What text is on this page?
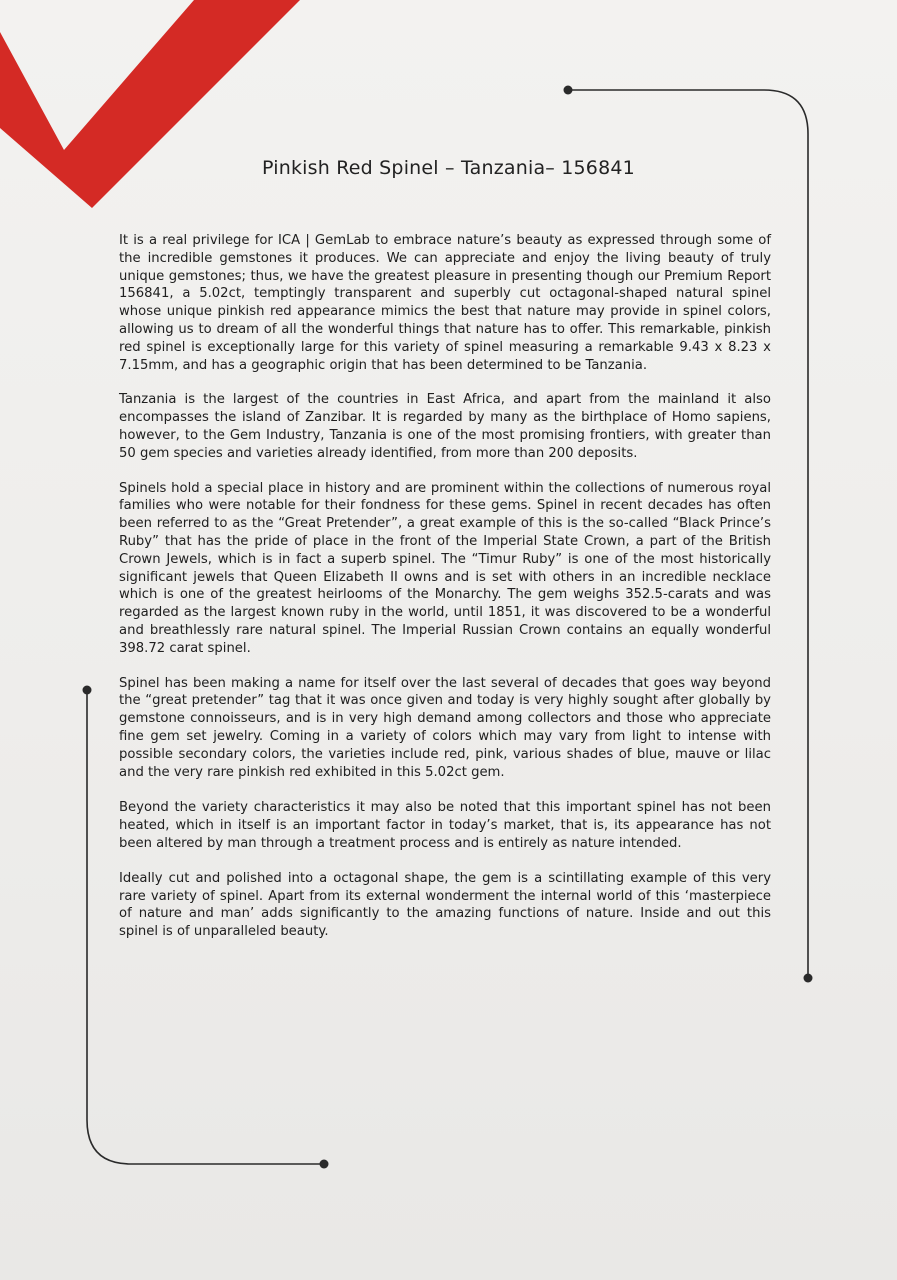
Pinkish Red Spinel – Tanzania– 156841

It is a real privilege for ICA | GemLab to embrace nature’s beauty as expressed through some of the incredible gemstones it produces. We can appreciate and enjoy the living beauty of truly unique gemstones; thus, we have the greatest pleasure in presenting though our Premium Report 156841, a 5.02ct, temptingly transparent and superbly cut octagonal-shaped natural spinel whose unique pinkish red appearance mimics the best that nature may provide in spinel colors, allowing us to dream of all the wonderful things that nature has to offer. This remarkable, pinkish red spinel is exceptionally large for this variety of spinel measuring a remarkable 9.43 x 8.23 x 7.15mm, and has a geographic origin that has been determined to be Tanzania.

Tanzania is the largest of the countries in East Africa, and apart from the mainland it also encompasses the island of Zanzibar. It is regarded by many as the birthplace of Homo sapiens, however, to the Gem Industry, Tanzania is one of the most promising frontiers, with greater than 50 gem species and varieties already identified, from more than 200 deposits.

Spinels hold a special place in history and are prominent within the collections of numerous royal families who were notable for their fondness for these gems. Spinel in recent decades has often been referred to as the “Great Pretender”, a great example of this is the so-called “Black Prince’s Ruby” that has the pride of place in the front of the Imperial State Crown, a part of the British Crown Jewels, which is in fact a superb spinel. The “Timur Ruby” is one of the most historically significant jewels that Queen Elizabeth II owns and is set with others in an incredible necklace which is one of the greatest heirlooms of the Monarchy. The gem weighs 352.5-carats and was regarded as the largest known ruby in the world, until 1851, it was discovered to be a wonderful and breathlessly rare natural spinel. The Imperial Russian Crown contains an equally wonderful 398.72 carat spinel.

Spinel has been making a name for itself over the last several of decades that goes way beyond the “great pretender” tag that it was once given and today is very highly sought after globally by gemstone connoisseurs, and is in very high demand among collectors and those who appreciate fine gem set jewelry. Coming in a variety of colors which may vary from light to intense with possible secondary colors, the varieties include red, pink, various shades of blue, mauve or lilac and the very rare pinkish red exhibited in this 5.02ct gem.

Beyond the variety characteristics it may also be noted that this important spinel has not been heated, which in itself is an important factor in today’s market, that is, its appearance has not been altered by man through a treatment process and is entirely as nature intended.

Ideally cut and polished into a octagonal shape, the gem is a scintillating example of this very rare variety of spinel. Apart from its external wonderment the internal world of this ‘masterpiece of nature and man’ adds significantly to the amazing functions of nature. Inside and out this spinel is of unparalleled beauty.
